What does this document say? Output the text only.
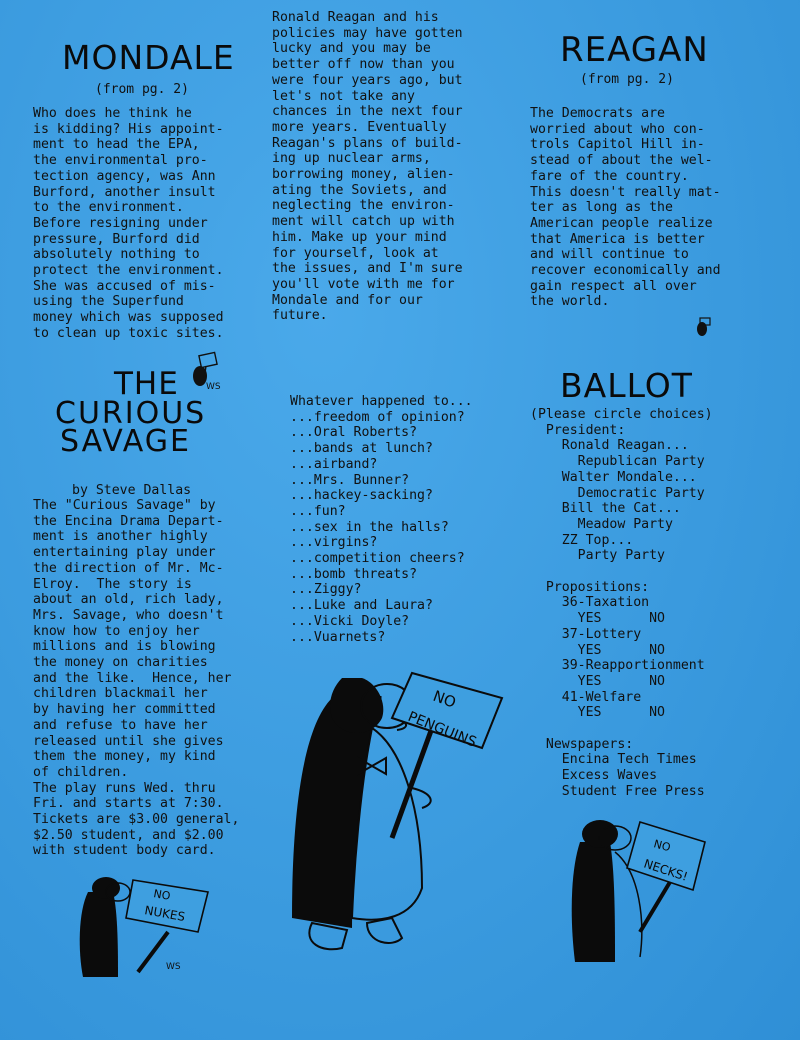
MONDALE
(from pg. 2)
Who does he think he
is kidding? His appoint-
ment to head the EPA,
the environmental pro-
tection agency, was Ann
Burford, another insult
to the environment.
Before resigning under
pressure, Burford did
absolutely nothing to
protect the environment.
She was accused of mis-
using the Superfund
money which was supposed
to clean up toxic sites.
Ronald Reagan and his
policies may have gotten
lucky and you may be
better off now than you
were four years ago, but
let's not take any
chances in the next four
more years. Eventually
Reagan's plans of build-
ing up nuclear arms,
borrowing money, alien-
ating the Soviets, and
neglecting the environ-
ment will catch up with
him. Make up your mind
for yourself, look at
the issues, and I'm sure
you'll vote with me for
Mondale and for our
future.
REAGAN
(from pg. 2)
The Democrats are
worried about who con-
trols Capitol Hill in-
stead of about the wel-
fare of the country.
This doesn't really mat-
ter as long as the
American people realize
that America is better
and will continue to
recover economically and
gain respect all over
the world.
THE
CURIOUS
SAVAGE
WS
by Steve Dallas
The "Curious Savage" by
the Encina Drama Depart-
ment is another highly
entertaining play under
the direction of Mr. Mc-
Elroy.  The story is
about an old, rich lady,
Mrs. Savage, who doesn't
know how to enjoy her
millions and is blowing
the money on charities
and the like.  Hence, her
children blackmail her
by having her committed
and refuse to have her
released until she gives
them the money, my kind
of children.
The play runs Wed. thru
Fri. and starts at 7:30.
Tickets are $3.00 general,
$2.50 student, and $2.00
with student body card.
Whatever happened to...
...freedom of opinion?
...Oral Roberts?
...bands at lunch?
...airband?
...Mrs. Bunner?
...hackey-sacking?
...fun?
...sex in the halls?
...virgins?
...competition cheers?
...bomb threats?
...Ziggy?
...Luke and Laura?
...Vicki Doyle?
...Vuarnets?
BALLOT
(Please circle choices)
President:
Ronald Reagan...
Republican Party
Walter Mondale...
Democratic Party
Bill the Cat...
Meadow Party
ZZ Top...
Party Party

Propositions:
36-Taxation
YES      NO
37-Lottery
YES      NO
39-Reapportionment
YES      NO
41-Welfare
YES      NO

Newspapers:
Encina Tech Times
Excess Waves
Student Free Press
NO
PENGUINS
NO
NUKES
WS
NO
NECKS!
